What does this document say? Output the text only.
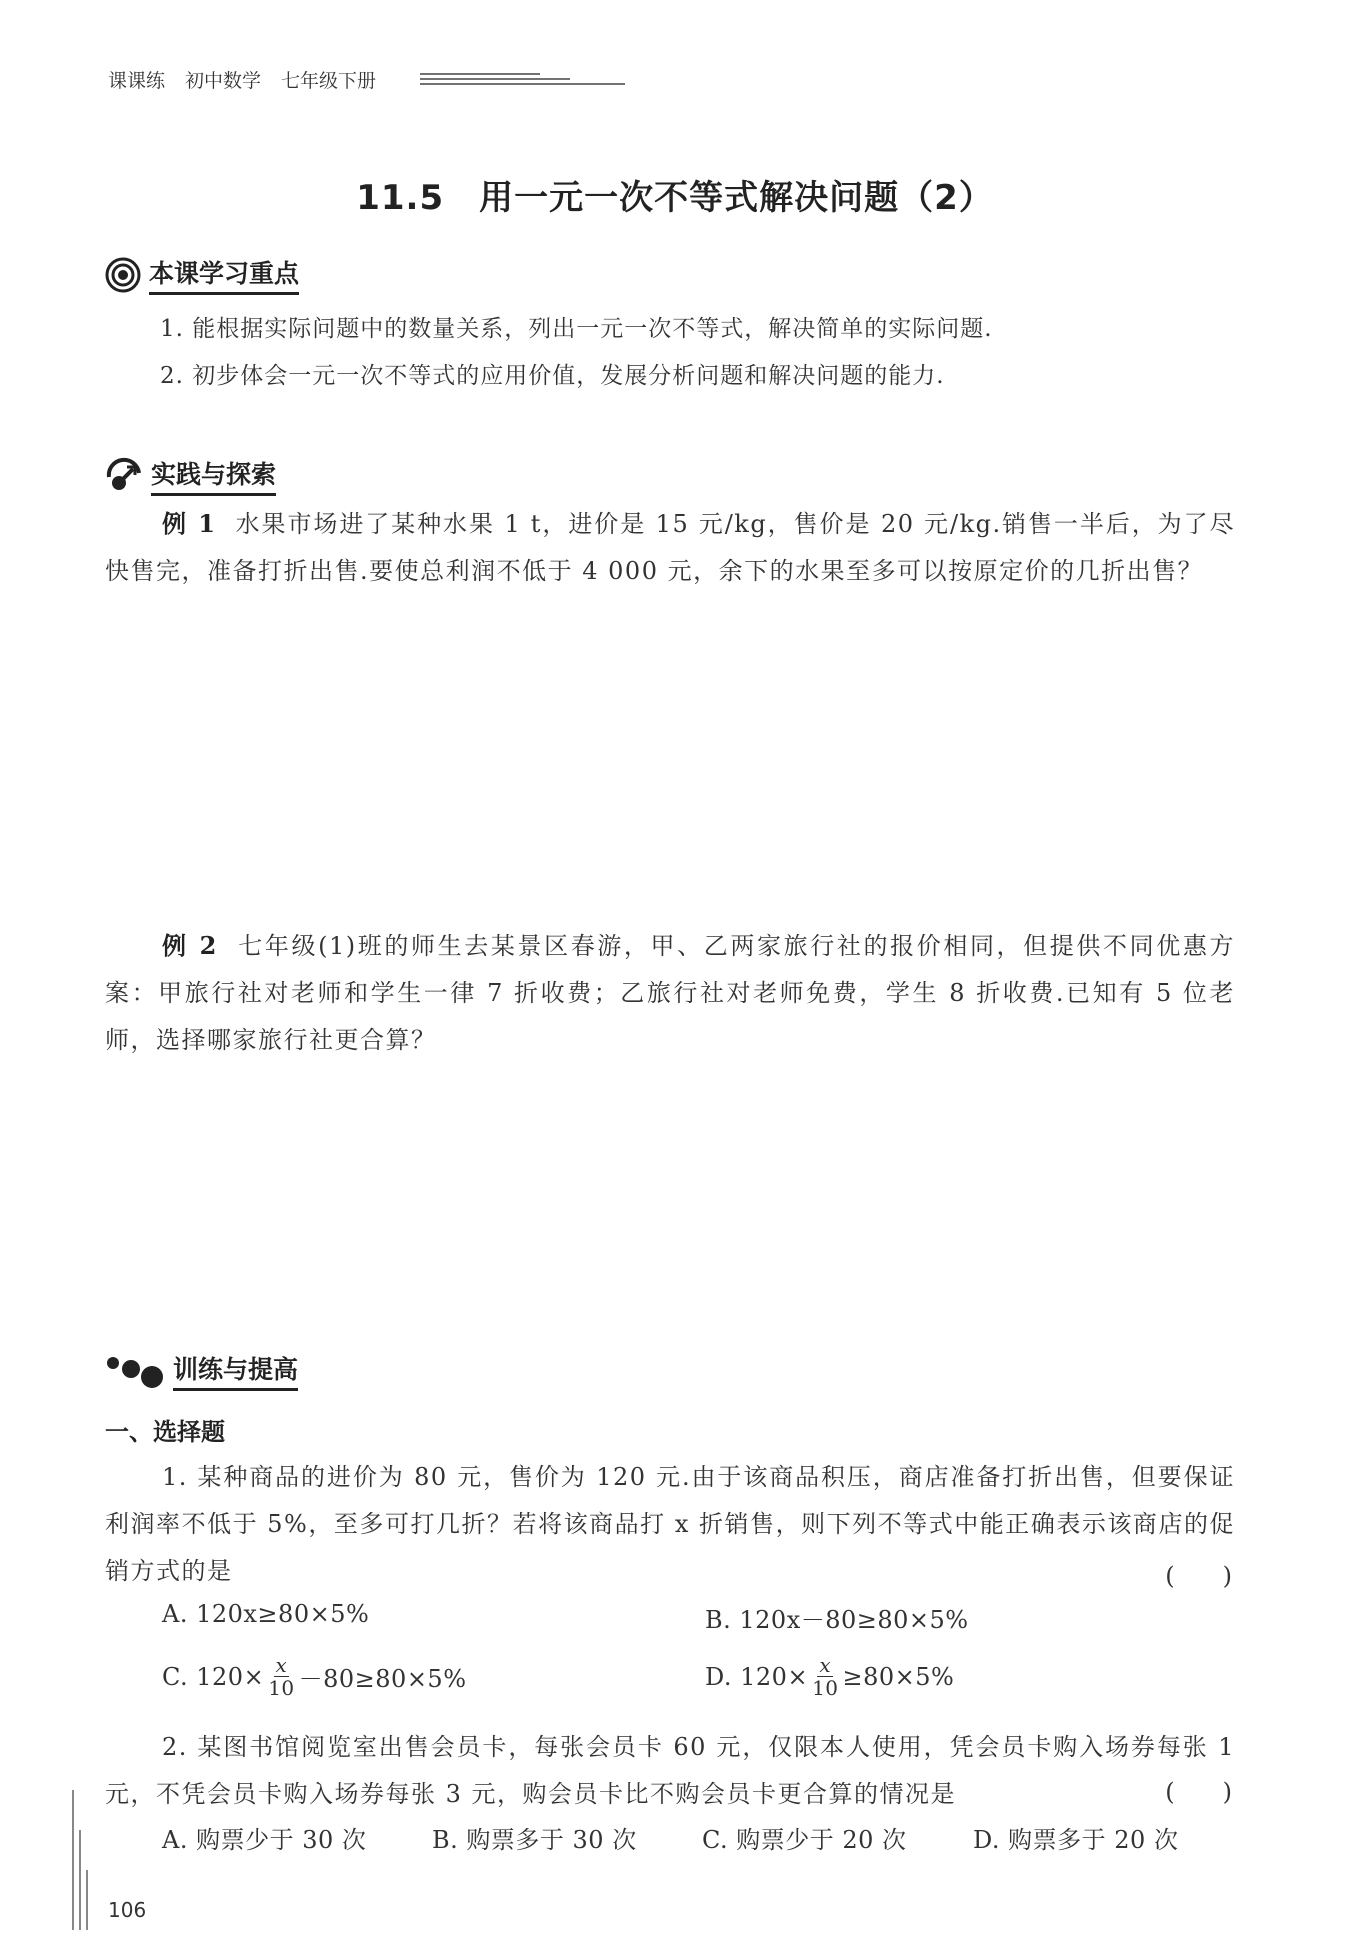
课课练 初中数学 七年级下册
11.5　用一元一次不等式解决问题（2）
本课学习重点
1. 能根据实际问题中的数量关系，列出一元一次不等式，解决简单的实际问题.
2. 初步体会一元一次不等式的应用价值，发展分析问题和解决问题的能力.
实践与探索
例 1 水果市场进了某种水果 1 t，进价是 15 元/kg，售价是 20 元/kg.销售一半后，为了尽快售完，准备打折出售.要使总利润不低于 4 000 元，余下的水果至多可以按原定价的几折出售？
例 2 七年级(1)班的师生去某景区春游，甲、乙两家旅行社的报价相同，但提供不同优惠方案：甲旅行社对老师和学生一律 7 折收费；乙旅行社对老师免费，学生 8 折收费.已知有 5 位老师，选择哪家旅行社更合算？
训练与提高
一、选择题
1. 某种商品的进价为 80 元，售价为 120 元.由于该商品积压，商店准备打折出售，但要保证利润率不低于 5%，至多可打几折？若将该商品打 x 折销售，则下列不等式中能正确表示该商店的促销方式的是	(　　)
A. 120x≥80×5%	B. 120x－80≥80×5%
C. $120\times \frac{x}{10} -80\ge 80\times 5\%$	D. $120\times \frac{x}{10} \ge 80\times 5\%$
2. 某图书馆阅览室出售会员卡，每张会员卡 60 元，仅限本人使用，凭会员卡购入场券每张 1 元，不凭会员卡购入场券每张 3 元，购会员卡比不购会员卡更合算的情况是	(　　)
A. 购票少于 30 次	B. 购票多于 30 次	C. 购票少于 20 次	D. 购票多于 20 次
106
